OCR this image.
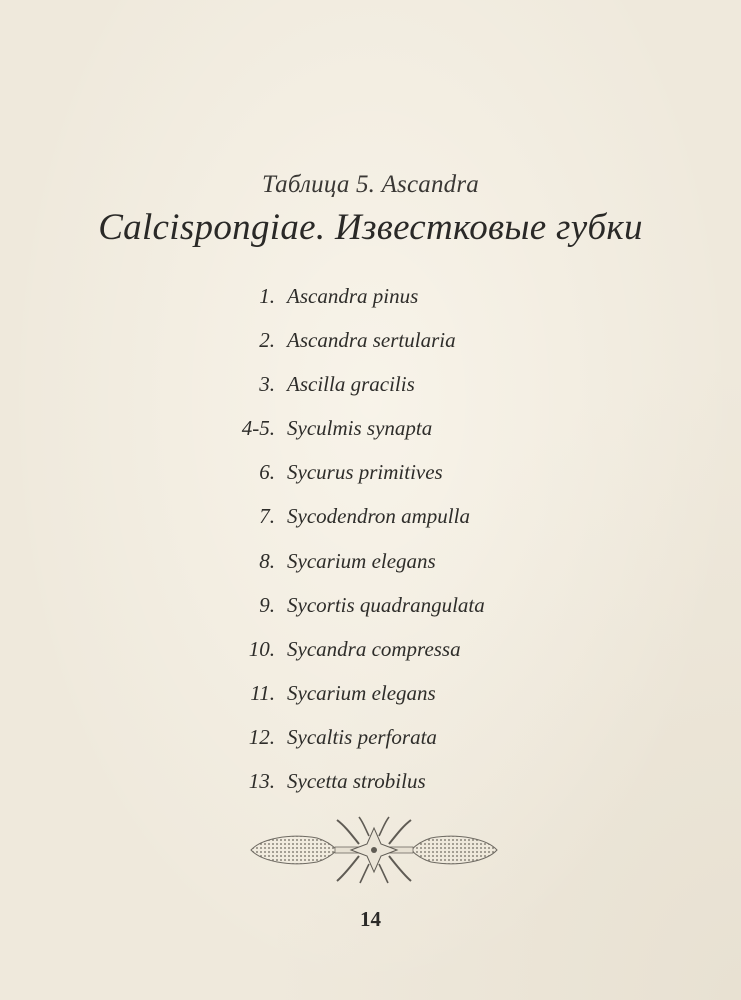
Таблица 5. Ascandra
Calcispongiae. Известковые губки
1. Ascandra pinus
2. Ascandra sertularia
3. Ascilla gracilis
4-5. Syculmis synapta
6. Sycurus primitives
7. Sycodendron ampulla
8. Sycarium elegans
9. Sycortis quadrangulata
10. Sycandra compressa
11. Sycarium elegans
12. Sycaltis perforata
13. Sycetta strobilus
14
